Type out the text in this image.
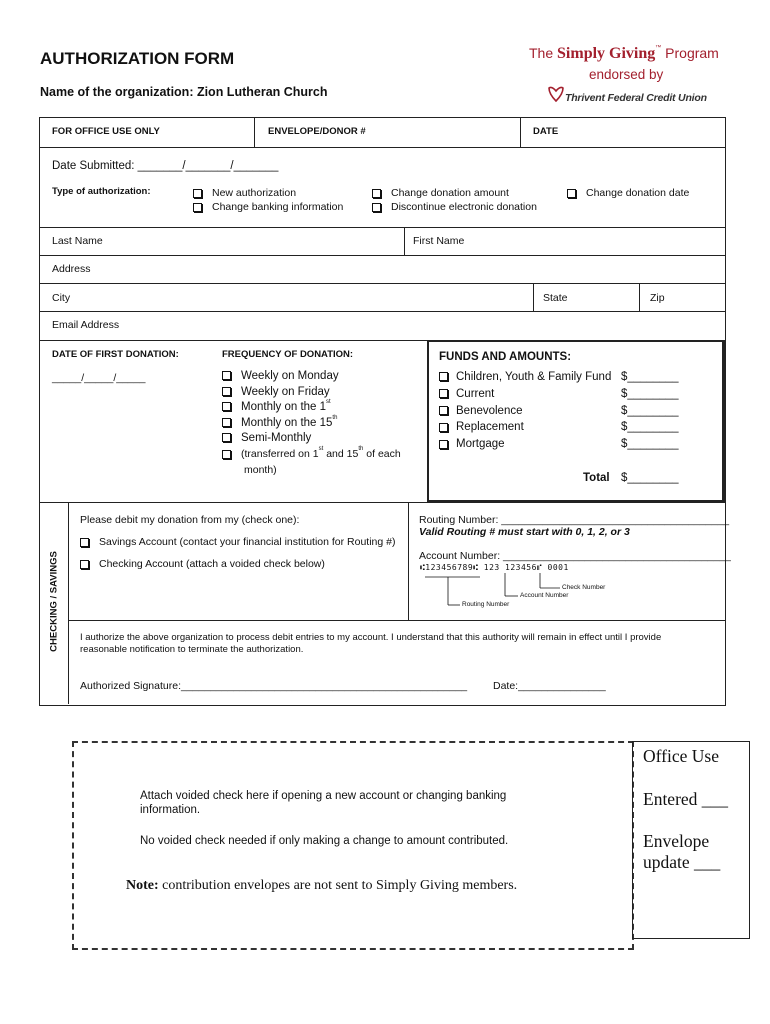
AUTHORIZATION FORM
Name of the organization: Zion Lutheran Church
The Simply Giving™ Program
endorsed by
Thrivent Federal Credit Union
FOR OFFICE USE ONLY	ENVELOPE/DONOR #	DATE
Date Submitted: _______/_______/_______
Type of authorization:	New authorization
Change banking information
Change donation amount
Discontinue electronic donation
Change donation date
Last Name	First Name
Address
City	State	Zip
Email Address
DATE OF FIRST DONATION:
_____/_____/_____
FREQUENCY OF DONATION:
Weekly on Monday
Weekly on Friday
Monthly on the 1st
Monthly on the 15th
Semi-Monthly
(transferred on 1st and 15th of each
month)
FUNDS AND AMOUNTS:
Children, Youth & Family Fund $________
Current	$________
Benevolence	$________
Replacement	$________
Mortgage	$________
Total $________
CHECKING / SAVINGS
Please debit my donation from my (check one):
Savings Account (contact your financial institution for Routing #)
Checking Account (attach a voided check below)
Routing Number: _______________________________________
Valid Routing # must start with 0, 1, 2, or 3
Account Number: _______________________________________
⑆123456789⑆ 123 123456⑈ 0001
Check Number
Account Number
Routing Number
I authorize the above organization to process debit entries to my account. I understand that this authority will remain in effect until I provide
reasonable notification to terminate the authorization.
Authorized Signature:_________________________________________________ Date:_______________
Attach voided check here if opening a new account or changing banking
information.
No voided check needed if only making a change to amount contributed.
Note: contribution envelopes are not sent to Simply Giving members.
Office Use
Entered ___
Envelope
update ___
